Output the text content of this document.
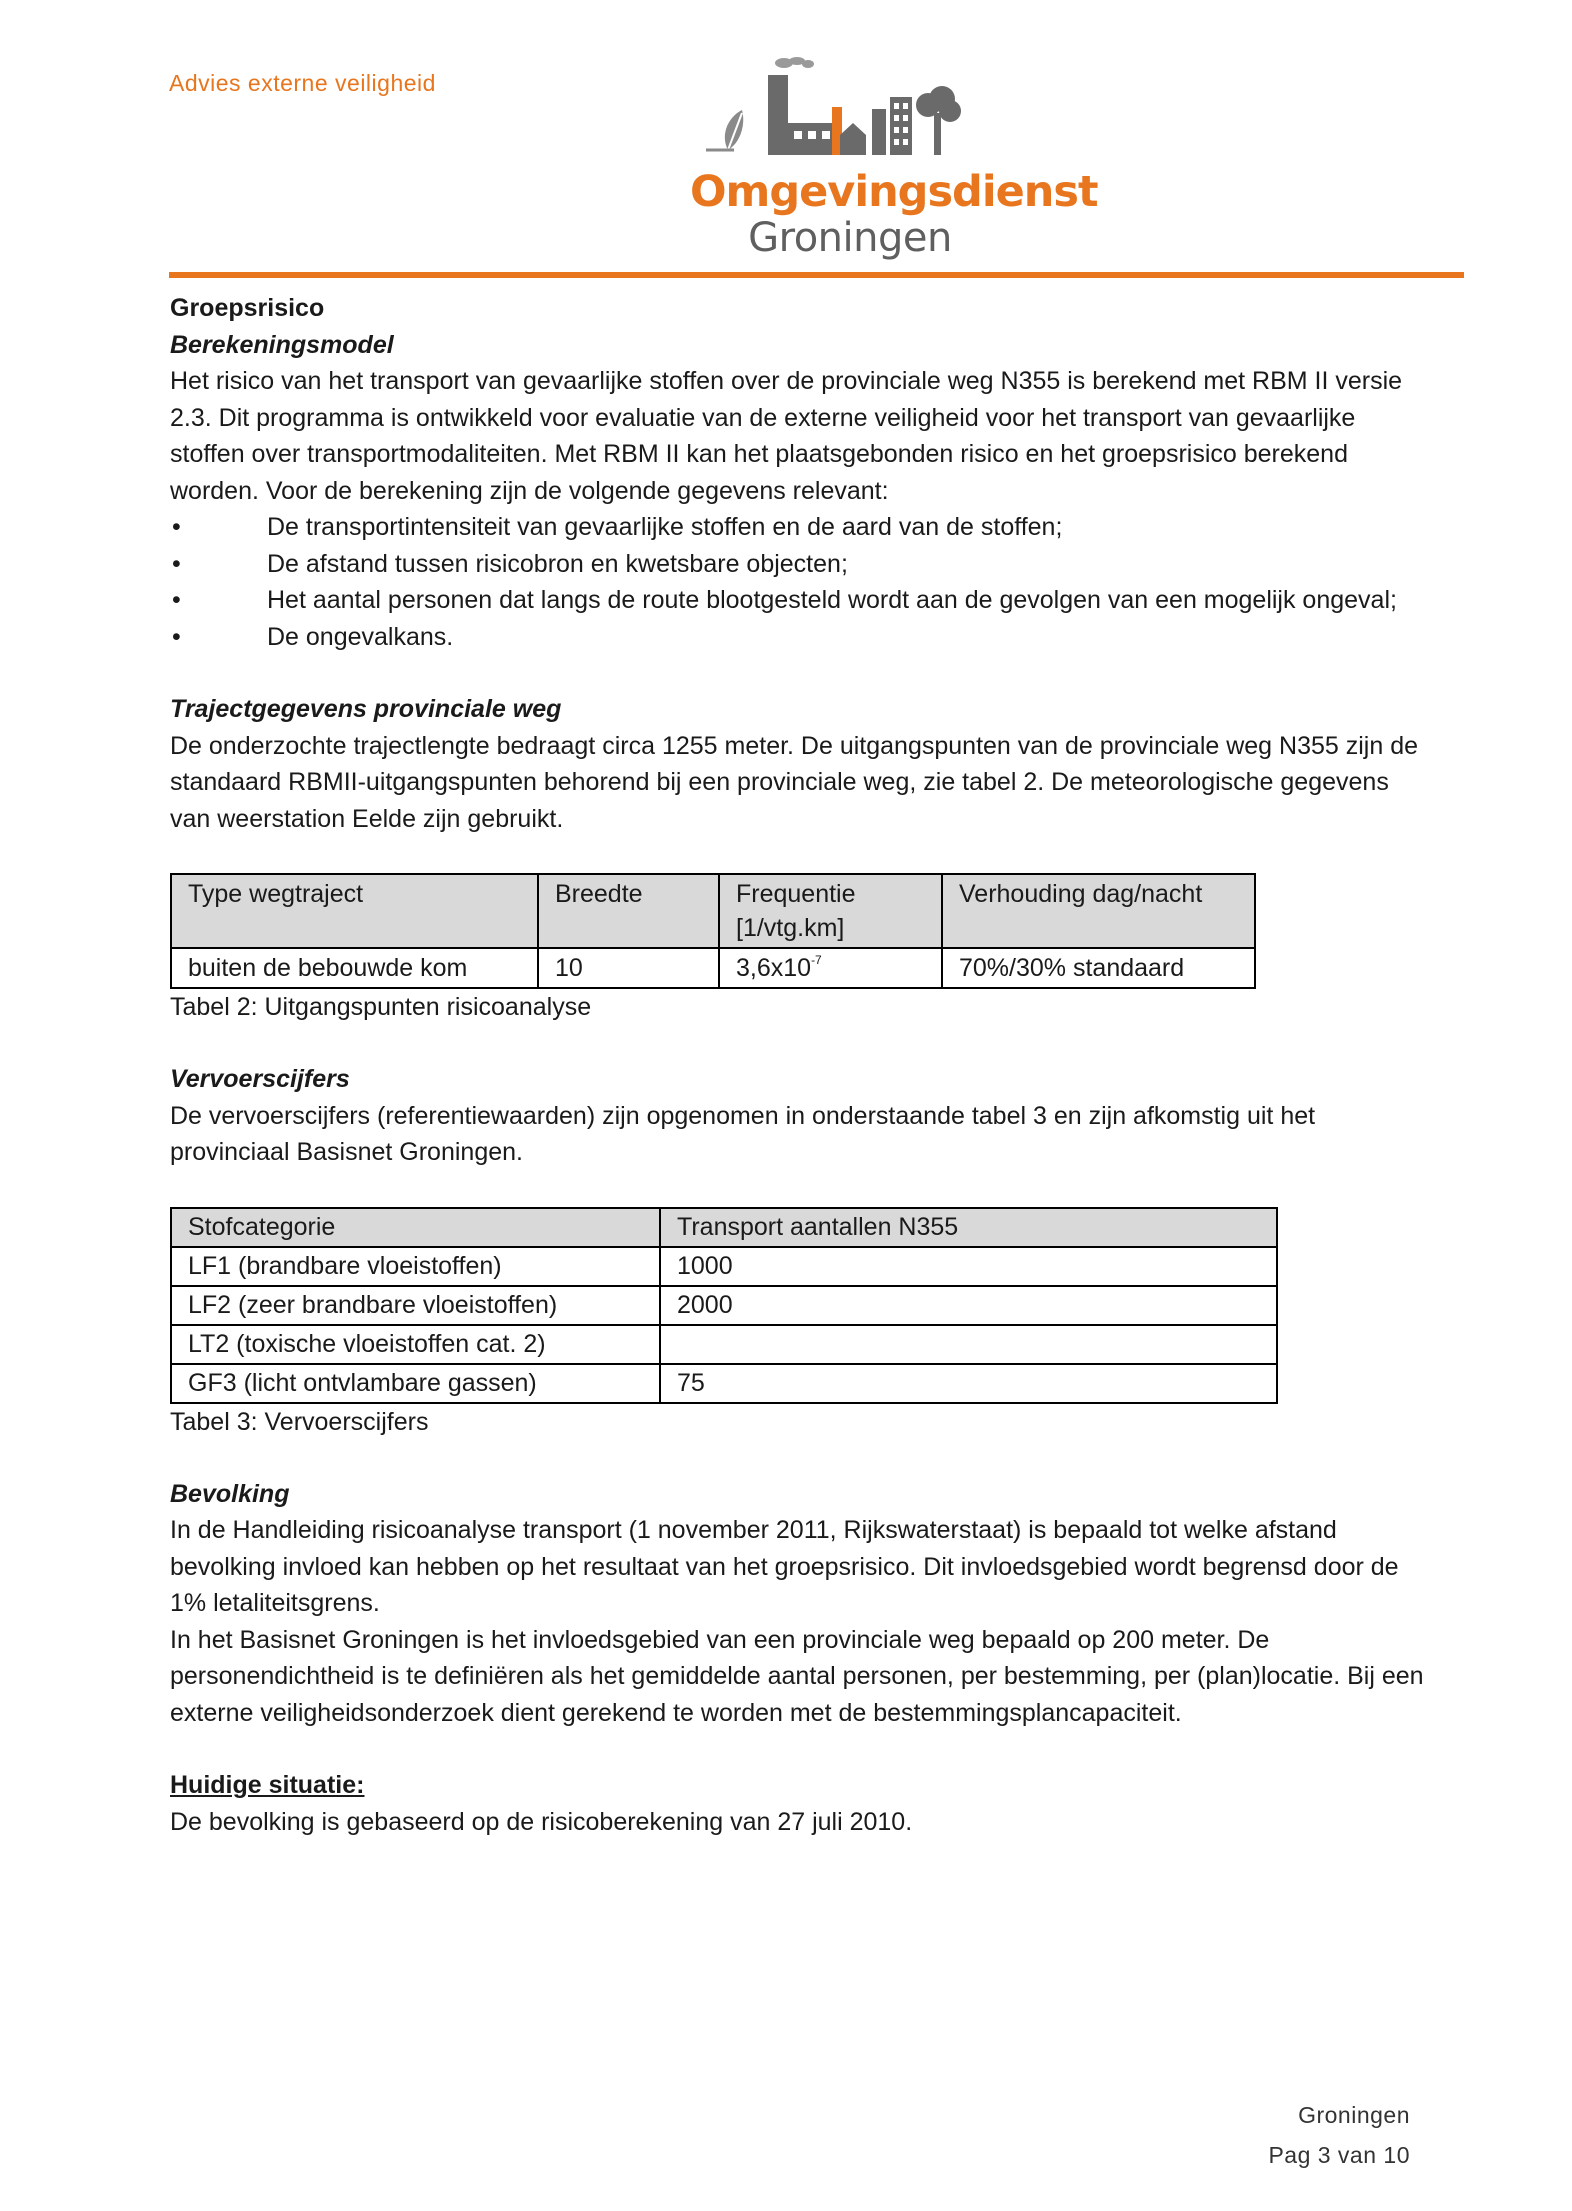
Advies externe veiligheid
Omgevingsdienst
Groningen

Groepsrisico

Berekeningsmodel

Het risico van het transport van gevaarlijke stoffen over de provinciale weg N355 is berekend met RBM II versie 2.3. Dit programma is ontwikkeld voor evaluatie van de externe veiligheid voor het transport van gevaarlijke stoffen over transportmodaliteiten. Met RBM II kan het plaatsgebonden risico en het groepsrisico berekend worden. Voor de berekening zijn de volgende gegevens relevant:

• De transportintensiteit van gevaarlijke stoffen en de aard van de stoffen;
• De afstand tussen risicobron en kwetsbare objecten;
• Het aantal personen dat langs de route blootgesteld wordt aan de gevolgen van een mogelijk ongeval;
• De ongevalkans.

Trajectgegevens provinciale weg

De onderzochte trajectlengte bedraagt circa 1255 meter. De uitgangspunten van de provinciale weg N355 zijn de standaard RBMII-uitgangspunten behorend bij een provinciale weg, zie tabel 2. De meteorologische gegevens van weerstation Eelde zijn gebruikt.

Type wegtraject	Breedte	Frequentie [1/vtg.km]	Verhouding dag/nacht
buiten de bebouwde kom	10	$3,6x10^{-7}$	70%/30% standaard

Tabel 2: Uitgangspunten risicoanalyse

Vervoerscijfers

De vervoerscijfers (referentiewaarden) zijn opgenomen in onderstaande tabel 3 en zijn afkomstig uit het provinciaal Basisnet Groningen.

Stofcategorie	Transport aantallen N355
LF1 (brandbare vloeistoffen)	1000
LF2 (zeer brandbare vloeistoffen)	2000
LT2 (toxische vloeistoffen cat. 2)	
GF3 (licht ontvlambare gassen)	75

Tabel 3: Vervoerscijfers

Bevolking

In de Handleiding risicoanalyse transport (1 november 2011, Rijkswaterstaat) is bepaald tot welke afstand bevolking invloed kan hebben op het resultaat van het groepsrisico. Dit invloedsgebied wordt begrensd door de 1% letaliteitsgrens.

In het Basisnet Groningen is het invloedsgebied van een provinciale weg bepaald op 200 meter. De personendichtheid is te definiëren als het gemiddelde aantal personen, per bestemming, per (plan)locatie. Bij een externe veiligheidsonderzoek dient gerekend te worden met de bestemmingsplancapaciteit.

Huidige situatie:

De bevolking is gebaseerd op de risicoberekening van 27 juli 2010.

Groningen
Pag 3 van 10
